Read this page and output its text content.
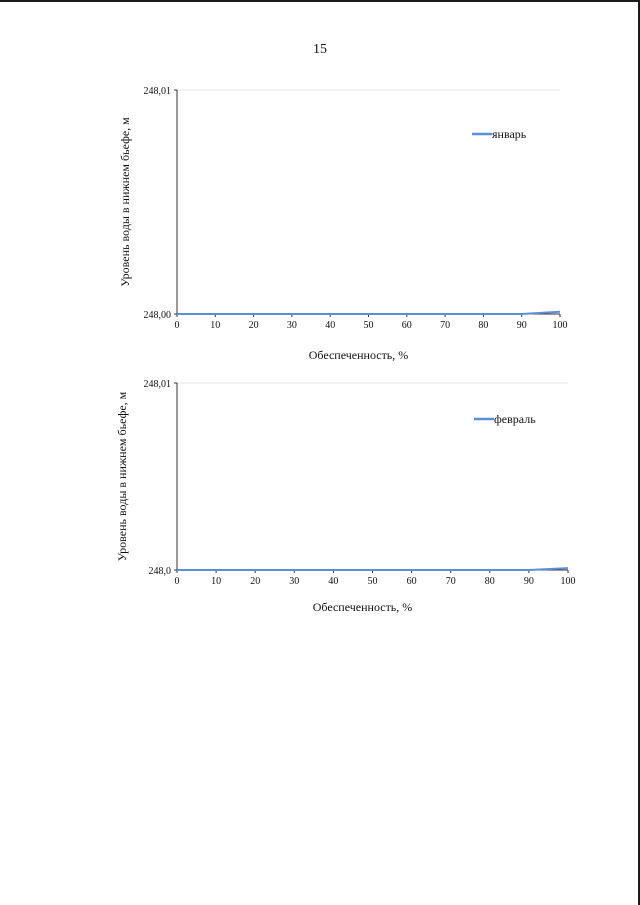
15
0	10	20	30	40	50	60	70	80	90	100
248,00
248,01
Уровень воды в нижнем бьефе, м
Обеспеченность, %
январь
0	10	20	30	40	50	60	70	80	90	100
248,0
248,01
Уровень воды в нижнем бьефе, м
Обеспеченность, %
февраль
